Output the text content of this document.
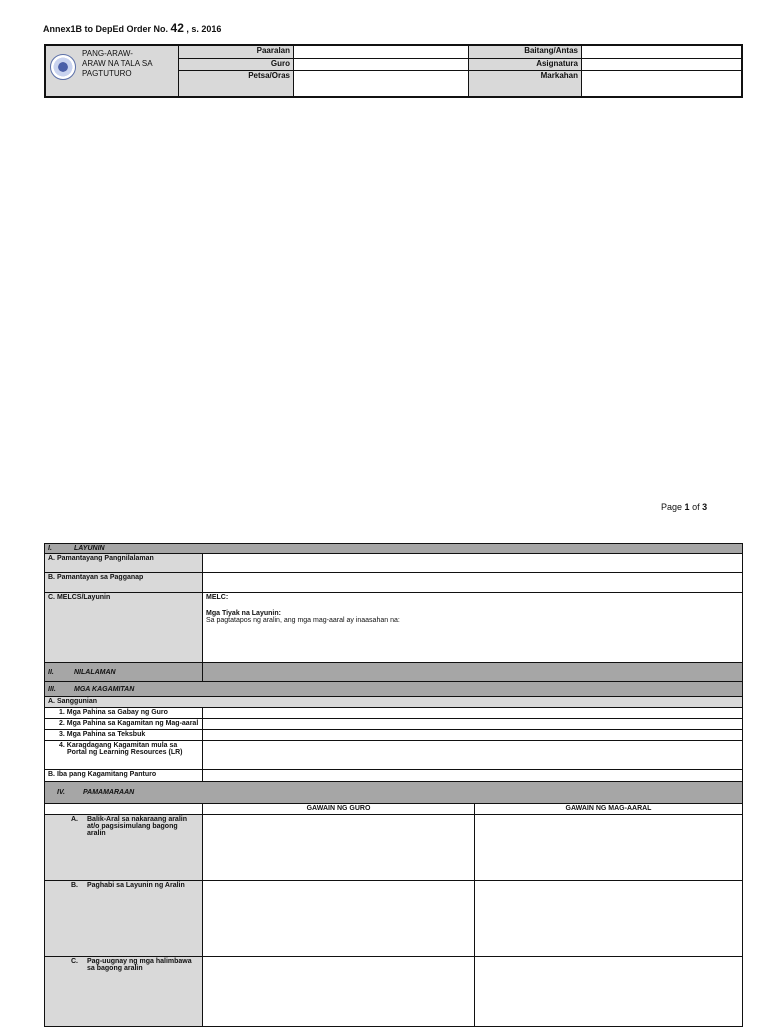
Annex1B to DepEd Order No. 42 , s. 2016
PANG-ARAW-
ARAW NA TALA SA
PAGTUTURO	Paaralan		Baitang/Antas	
	Guro		Asignatura	
	Petsa/Oras		Markahan	
Page 1 of 3
I. LAYUNIN		
A. Pamantayang Pangnilalaman		
B. Pamantayan sa Pagganap		
C. MELCS/Layunin	MELC:
Mga Tiyak na Layunin:
Sa pagtatapos ng aralin, ang mga mag-aaral ay inaasahan na:	

II. NILALAMAN		
III. MGA KAGAMITAN		
A. Sanggunian		
1. Mga Pahina sa Gabay ng Guro		
2. Mga Pahina sa Kagamitan ng Mag-aaral		
3. Mga Pahina sa Teksbuk		

4. Karagdagang Kagamitan mula sa
Portal ng Learning Resources (LR)		

B. Iba pang Kagamitang Panturo		
IV. PAMAMARAAN		
	GAWAIN NG GURO	GAWAIN NG MAG-AARAL

A. Balik-Aral sa nakaraang aralin
at/o pagsisimulang bagong
aralin		

B. Paghabi sa Layunin ng Aralin		

C. Pag-uugnay ng mga halimbawa
sa bagong aralin		
